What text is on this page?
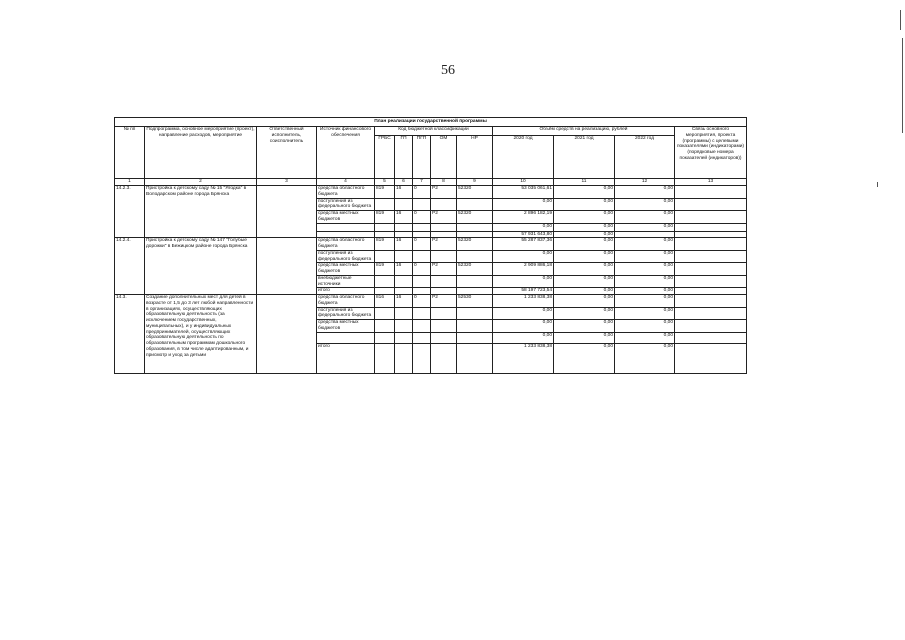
56
План реализации государственной программы												
№ пп	Подпрограмма, основное мероприятие (проект), направление расходов, мероприятие	Ответственный исполнитель, соисполнитель	Источник финансового обеспечения	Код бюджетной классификации					Объём средств на реализацию, рублей			Связь основного мероприятия, проекта (программы) с целевыми показателями (индикаторами) (порядковые номера показателей (индикаторов))
				ГРБС	ГП	ПГП	ОМ	НР	2020 год	2021 год	2022 год	
1	2	3	4	5	6	7	8	9	10	11	12	13
14.2.3.	Пристройка к детскому саду № 15 "Ягодка" в Володарском районе города Брянска		средства областного бюджета	819	16	0	P2	52320	53 035 061,61	0,00	0,00	
			поступления из федерального бюджета						0,00	0,00	0,00	
			средства местных бюджетов	819	16	0	P2	52320	2 896 182,19	0,00	0,00	
									0,00	0,00	0,00	
									57 931 643,80	0,00		
14.2.4.	Пристройка к детскому саду № 147 "Голубые дорожки" в Бежицком районе города Брянска		средства областного бюджета	819	16	0	P2	52320	55 287 837,36	0,00	0,00	
			поступления из федерального бюджета						0,00	0,00	0,00	
			средства местных бюджетов	819	16	0	P2	52320	2 909 886,18	0,00	0,00	
			внебюджетные источники						0,00	0,00	0,00	
			итого						58 197 723,54	0,00	0,00	
14.3.	Создание дополнительных мест для детей в возрасте от 1,5 до 3 лет любой направленности в организациях, осуществляющих образовательную деятельность (за исключением государственных, муниципальных), и у индивидуальных предпринимателей, осуществляющих образовательную деятельность по образовательным программам дошкольного образования, в том числе адаптированным, и присмотр и уход за детьми		средства областного бюджета	816	16	0	P2	52530	1 233 838,38	0,00	0,00	
			поступления из федерального бюджета						0,00	0,00	0,00	
			средства местных бюджетов						0,00	0,00	0,00	
									0,00	0,00	0,00	
			итого						1 233 838,38	0,00	0,00	
